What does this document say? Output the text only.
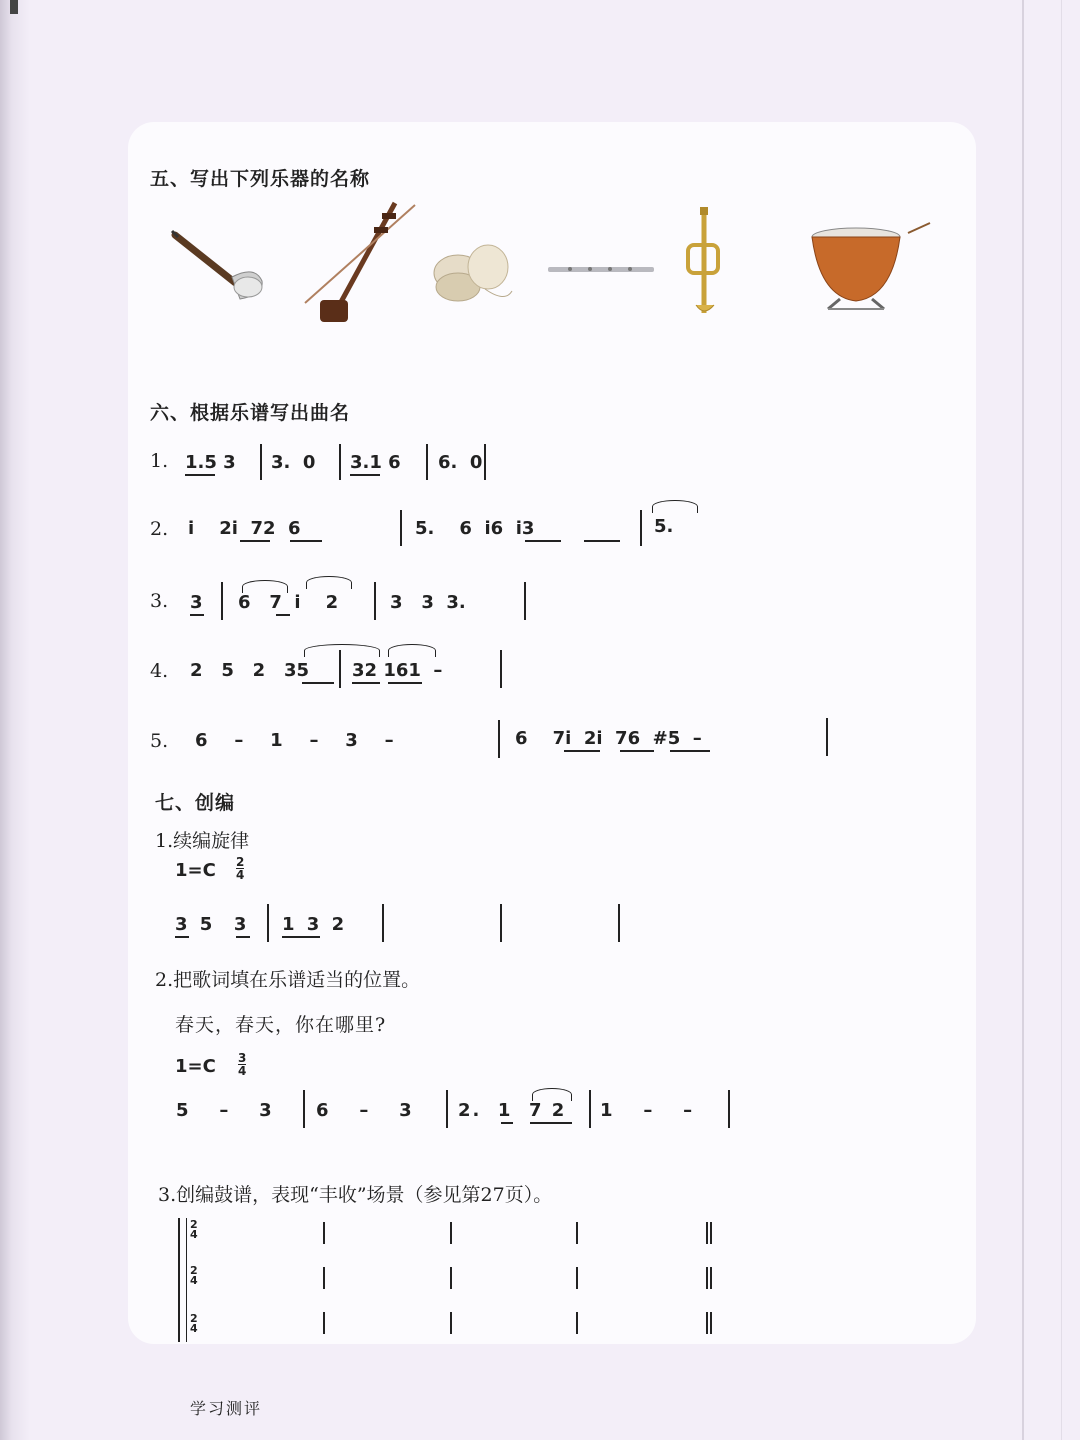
五、写出下列乐器的名称
六、根据乐谱写出曲名
1. 1.5 3 3.  0 3.1 6 6.  0
2. i    2i  72  6	5.    6  i6  i3	5.
3. 3 6   7  i    2	3   3  3.
4. 2   5   2   35 32 161  –
5. 6   –   1   –   3   –	6    7i  2i  76  #5  –
七、创编
1.续编旋律
1=C 2
4
3 5  3 1 3 2
2.把歌词填在乐谱适当的位置。
春天，春天，你在哪里?
1=C 3
4
5   –   3 6   –   3 2.  1  7 2 1   –   –
3.创编鼓谱，表现“丰收”场景（参见第27页）。
2
4
2
4
2
4
学习测评
